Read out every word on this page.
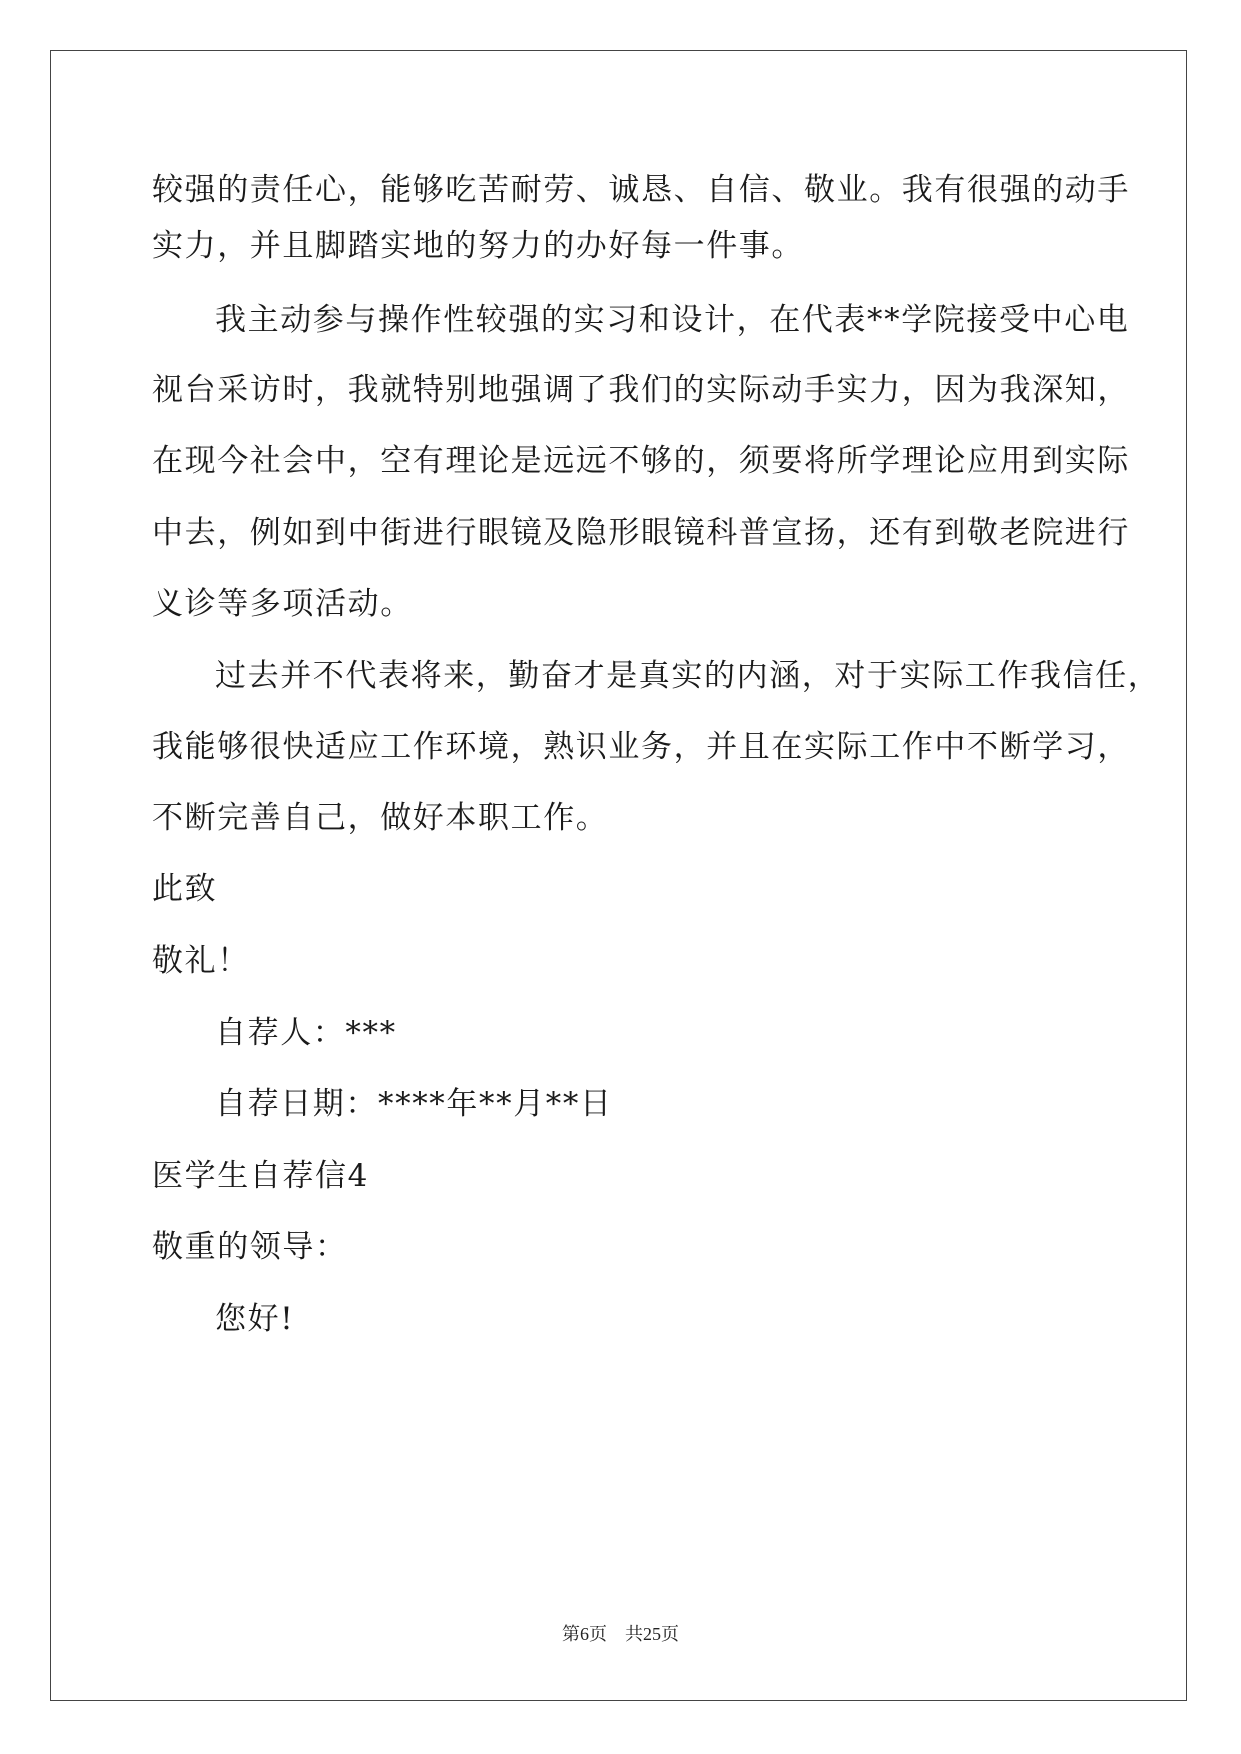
较强的责任心，能够吃苦耐劳、诚恳、自信、敬业。我有很强的动手
实力，并且脚踏实地的努力的办好每一件事。
我主动参与操作性较强的实习和设计，在代表**学院接受中心电
视台采访时，我就特别地强调了我们的实际动手实力，因为我深知，
在现今社会中，空有理论是远远不够的，须要将所学理论应用到实际
中去，例如到中街进行眼镜及隐形眼镜科普宣扬，还有到敬老院进行
义诊等多项活动。
过去并不代表将来，勤奋才是真实的内涵，对于实际工作我信任，
我能够很快适应工作环境，熟识业务，并且在实际工作中不断学习，
不断完善自己，做好本职工作。
此致
敬礼！
自荐人：***
自荐日期：****年**月**日
医学生自荐信4
敬重的领导：
您好!
第6页 共25页
